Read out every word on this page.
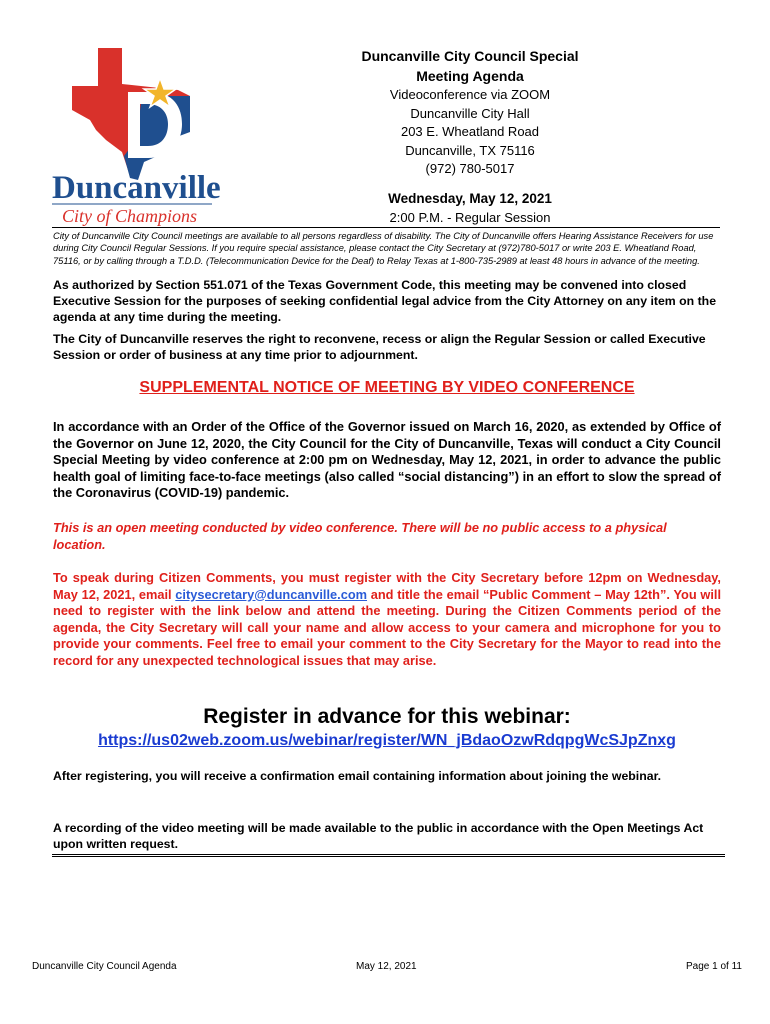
Duncanville
City of Champions
Duncanville City Council Special
Meeting Agenda
Videoconference via ZOOM
Duncanville City Hall
203 E. Wheatland Road
Duncanville, TX 75116
(972) 780-5017
Wednesday, May 12, 2021
2:00 P.M. - Regular Session
City of Duncanville City Council meetings are available to all persons regardless of disability. The City of Duncanville offers Hearing Assistance Receivers for use during City Council Regular Sessions. If you require special assistance, please contact the City Secretary at (972)780-5017 or write 203 E. Wheatland Road, 75116, or by calling through a T.D.D. (Telecommunication Device for the Deaf) to Relay Texas at 1-800-735-2989 at least 48 hours in advance of the meeting.
As authorized by Section 551.071 of the Texas Government Code, this meeting may be convened into closed Executive Session for the purposes of seeking confidential legal advice from the City Attorney on any item on the agenda at any time during the meeting.
The City of Duncanville reserves the right to reconvene, recess or align the Regular Session or called Executive Session or order of business at any time prior to adjournment.
SUPPLEMENTAL NOTICE OF MEETING BY VIDEO CONFERENCE
In accordance with an Order of the Office of the Governor issued on March 16, 2020, as extended by Office of the Governor on June 12, 2020, the City Council for the City of Duncanville, Texas will conduct a City Council Special Meeting by video conference at 2:00 pm on Wednesday, May 12, 2021, in order to advance the public health goal of limiting face-to-face meetings (also called “social distancing”) in an effort to slow the spread of the Coronavirus (COVID-19) pandemic.
This is an open meeting conducted by video conference. There will be no public access to a physical location.
To speak during Citizen Comments, you must register with the City Secretary before 12pm on Wednesday, May 12, 2021, email citysecretary@duncanville.com and title the email “Public Comment – May 12th”. You will need to register with the link below and attend the meeting. During the Citizen Comments period of the agenda, the City Secretary will call your name and allow access to your camera and microphone for you to provide your comments. Feel free to email your comment to the City Secretary for the Mayor to read into the record for any unexpected technological issues that may arise.
Register in advance for this webinar:
https://us02web.zoom.us/webinar/register/WN_jBdaoOzwRdqpgWcSJpZnxg
After registering, you will receive a confirmation email containing information about joining the webinar.
A recording of the video meeting will be made available to the public in accordance with the Open Meetings Act upon written request.
Duncanville City Council Agenda	May 12, 2021	Page 1 of 11
